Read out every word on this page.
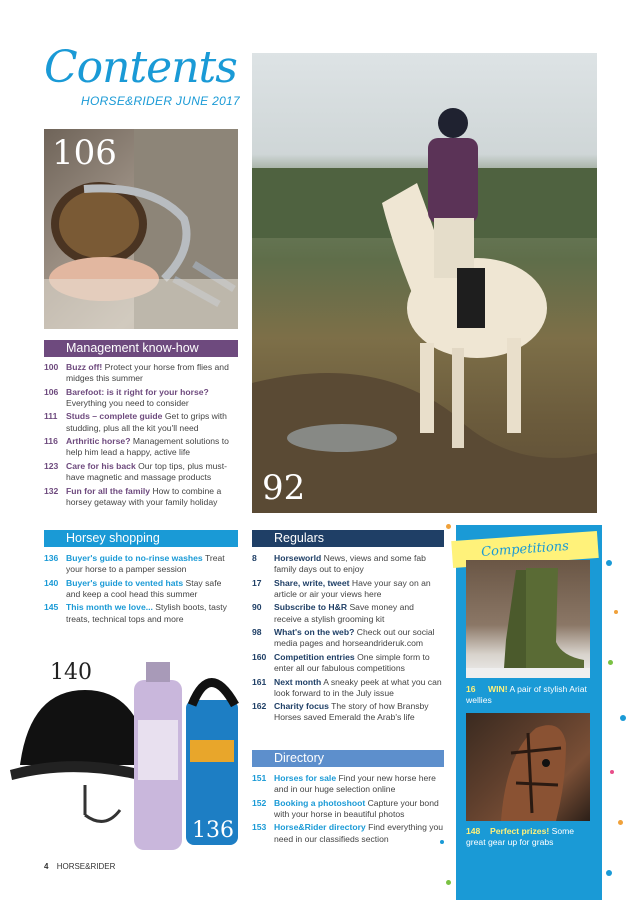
Contents
HORSE&RIDER JUNE 2017
106
92
Management know-how
100 Buzz off! Protect your horse from flies and midges this summer
106 Barefoot: is it right for your horse? Everything you need to consider
111	Studs – complete guide Get to grips with studding, plus all the kit you'll need
116 Arthritic horse? Management solutions to help him lead a happy, active life
123 Care for his back Our top tips, plus must-have magnetic and massage products
132 Fun for all the family How to combine a horsey getaway with your family holiday
Horsey shopping
136 Buyer's guide to no-rinse washes Treat your horse to a pamper session
140 Buyer's guide to vented hats Stay safe and keep a cool head this summer
145 This month we love... Stylish boots, tasty treats, technical tops and more
140
136
Regulars
8	Horseworld News, views and some fab family days out to enjoy
17	Share, write, tweet Have your say on an article or air your views here
90	Subscribe to H&R Save money and receive a stylish grooming kit
98	What's on the web? Check out our social media pages and horseandrideruk.com
160 Competition entries One simple form to enter all our fabulous competitions
161 Next month A sneaky peek at what you can look forward to in the July issue
162 Charity focus The story of how Bransby Horses saved Emerald the Arab's life
Directory
151 Horses for sale Find your new horse here and in our huge selection online
152 Booking a photoshoot Capture your bond with your horse in beautiful photos
153 Horse&Rider directory Find everything you need in our classifieds section
Competitions
16 WIN! A pair of stylish Ariat wellies
148 Perfect prizes! Some great gear up for grabs
4 HORSE&RIDER
